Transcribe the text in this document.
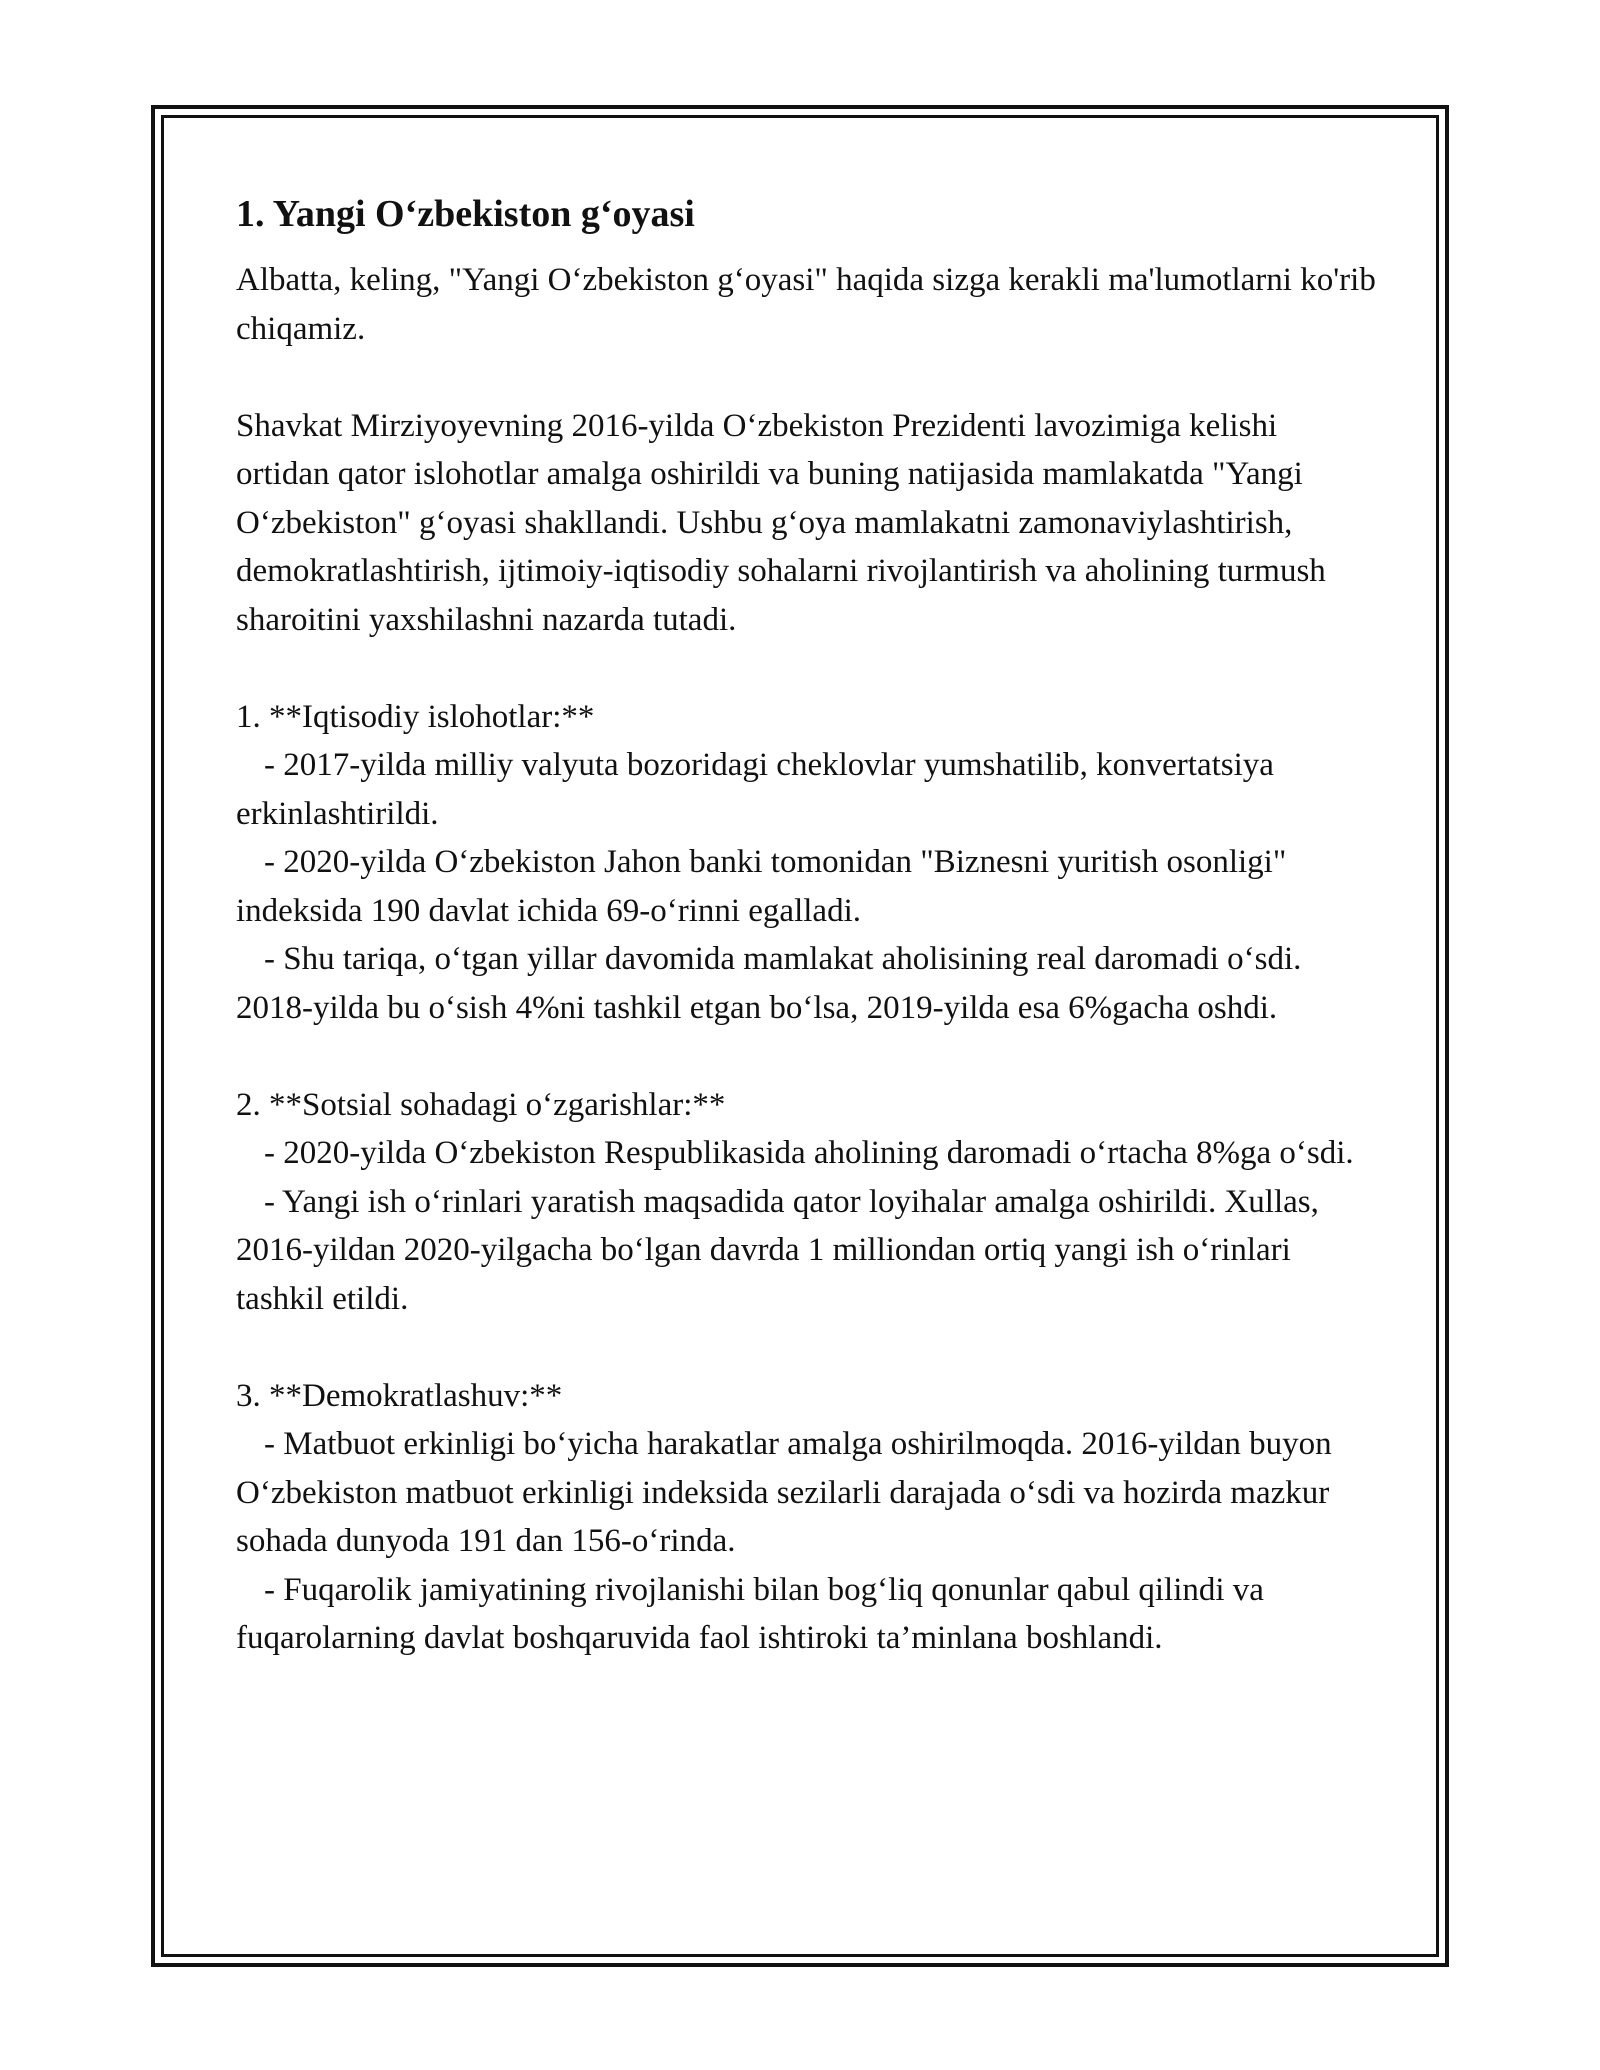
1. Yangi O‘zbekiston g‘oyasi

Albatta, keling, "Yangi O‘zbekiston g‘oyasi" haqida sizga kerakli ma'lumotlarni ko'rib chiqamiz.

Shavkat Mirziyoyevning 2016-yilda O‘zbekiston Prezidenti lavozimiga kelishi ortidan qator islohotlar amalga oshirildi va buning natijasida mamlakatda "Yangi O‘zbekiston" g‘oyasi shakllandi. Ushbu g‘oya mamlakatni zamonaviylashtirish, demokratlashtirish, ijtimoiy-iqtisodiy sohalarni rivojlantirish va aholining turmush sharoitini yaxshilashni nazarda tutadi.

1. **Iqtisodiy islohotlar:**

- 2017-yilda milliy valyuta bozoridagi cheklovlar yumshatilib, konvertatsiya erkinlashtirildi.

- 2020-yilda O‘zbekiston Jahon banki tomonidan "Biznesni yuritish osonligi" indeksida 190 davlat ichida 69-o‘rinni egalladi.

- Shu tariqa, o‘tgan yillar davomida mamlakat aholisining real daromadi o‘sdi. 2018-yilda bu o‘sish 4%ni tashkil etgan bo‘lsa, 2019-yilda esa 6%gacha oshdi.

2. **Sotsial sohadagi o‘zgarishlar:**

- 2020-yilda O‘zbekiston Respublikasida aholining daromadi o‘rtacha 8%ga o‘sdi.

- Yangi ish o‘rinlari yaratish maqsadida qator loyihalar amalga oshirildi. Xullas, 2016-yildan 2020-yilgacha bo‘lgan davrda 1 milliondan ortiq yangi ish o‘rinlari tashkil etildi.

3. **Demokratlashuv:**

- Matbuot erkinligi bo‘yicha harakatlar amalga oshirilmoqda. 2016-yildan buyon O‘zbekiston matbuot erkinligi indeksida sezilarli darajada o‘sdi va hozirda mazkur sohada dunyoda 191 dan 156-o‘rinda.

- Fuqarolik jamiyatining rivojlanishi bilan bog‘liq qonunlar qabul qilindi va fuqarolarning davlat boshqaruvida faol ishtiroki ta’minlana boshlandi.
